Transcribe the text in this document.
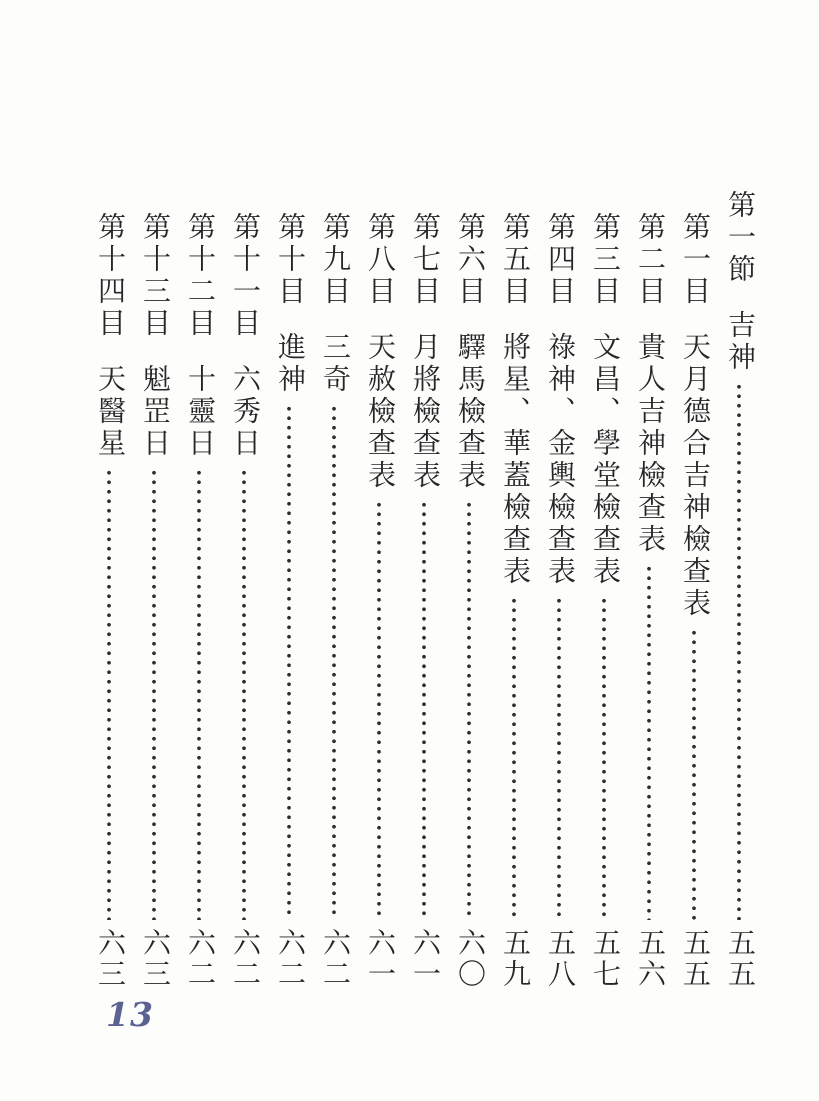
第一節
吉神
五五
第一目
天月德合吉神檢查表
五五
第二目
貴人吉神檢查表
五六
第三目
文昌、學堂檢查表
五七
第四目
祿神、金輿檢查表
五八
第五目
將星、華蓋檢查表
五九
第六目
驛馬檢查表
六〇
第七目
月將檢查表
六一
第八目
天赦檢查表
六一
第九目
三奇
六二
第十目
進神
六二
第十一目
六秀日
六二
第十二目
十靈日
六二
第十三目
魁罡日
六三
第十四目
天醫星
六三
13
